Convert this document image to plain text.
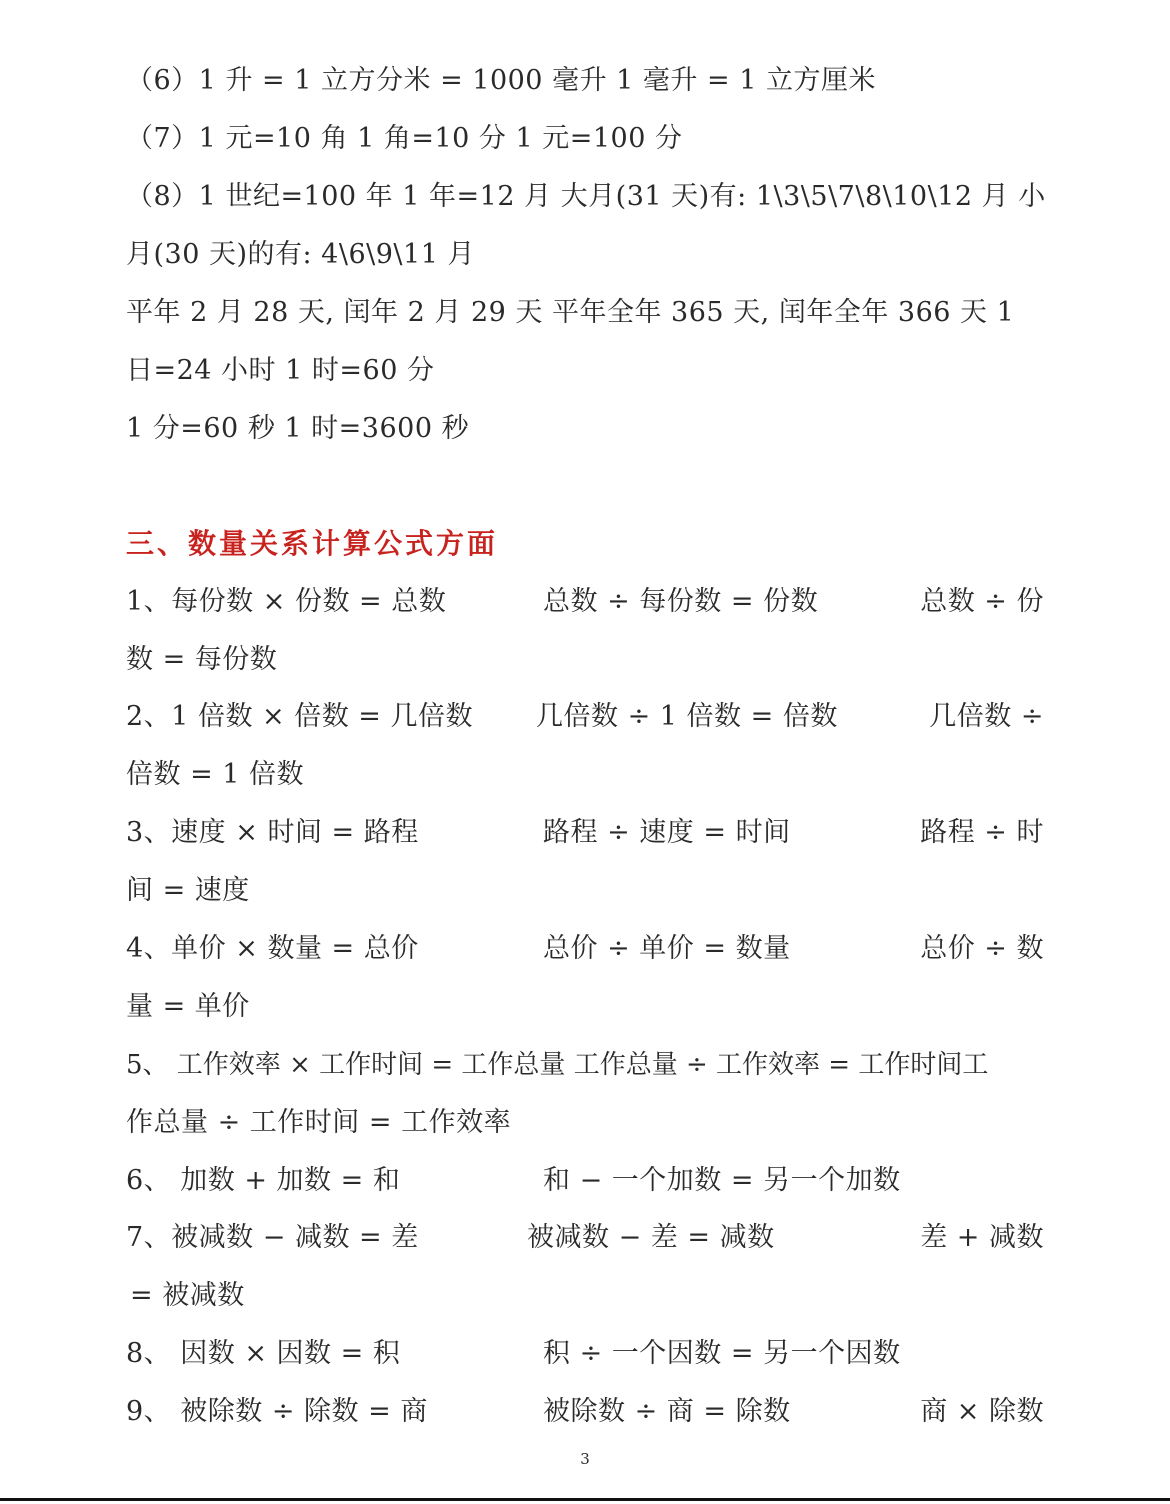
（6）1 升 = 1 立方分米 = 1000 毫升 1 毫升 = 1 立方厘米
（7）1 元=10 角 1 角=10 分 1 元=100 分
（8）1 世纪=100 年 1 年=12 月 大月(31 天)有: 1\3\5\7\8\10\12 月 小
月(30 天)的有: 4\6\9\11 月
平年 2 月 28 天, 闰年 2 月 29 天 平年全年 365 天, 闰年全年 366 天 1
日=24 小时 1 时=60 分
1 分=60 秒 1 时=3600 秒
三、数量关系计算公式方面
1、每份数 × 份数 = 总数	总数 ÷ 每份数 = 份数	总数 ÷ 份
数 = 每份数
2、1 倍数 × 倍数 = 几倍数 几倍数 ÷ 1 倍数 = 倍数	几倍数 ÷
倍数 = 1 倍数
3、速度 × 时间 = 路程	路程 ÷ 速度 = 时间	路程 ÷ 时
间 = 速度
4、单价 × 数量 = 总价	总价 ÷ 单价 = 数量	总价 ÷ 数
量 = 单价
5、 工作效率 × 工作时间 = 工作总量 工作总量 ÷ 工作效率 = 工作时间工
作总量 ÷ 工作时间 = 工作效率
6、 加数 + 加数 = 和	和 − 一个加数 = 另一个加数
7、被减数 − 减数 = 差	被减数 − 差 = 减数	差 + 减数
= 被减数
8、 因数 × 因数 = 积	积 ÷ 一个因数 = 另一个因数
9、 被除数 ÷ 除数 = 商	被除数 ÷ 商 = 除数	商 × 除数
3
